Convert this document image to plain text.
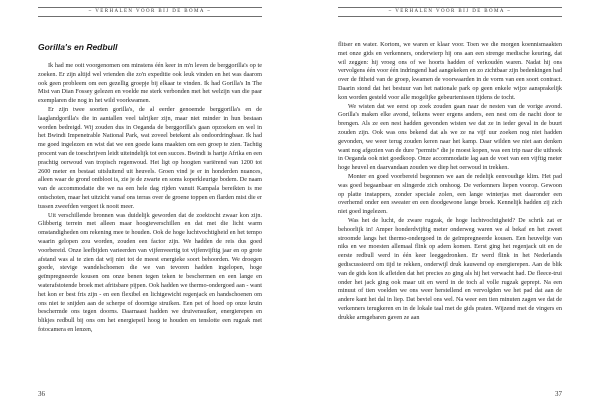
~ VERHALEN VOOR BIJ DE BOMA ~
Gorilla's en Redbull

Ik had me ooit voorgenomen om minstens één keer in m'n leven de berggorilla's op te zoeken. Er zijn altijd wel vrienden die zo'n expeditie ook leuk vinden en het was daarom ook geen probleem om een gezellig groepje bij elkaar te vinden. Ik had Gorilla's In The Mist van Dian Fossey gelezen en voelde me sterk verbonden met het welzijn van die paar exemplaren die nog in het wild voorkwamen.

Er zijn twee soorten gorilla's, de al eerder genoemde berggorilla's en de laaglandgorilla's die in aantallen veel talrijker zijn, maar niet minder in hun bestaan worden bedreigd. Wij zouden dus in Oeganda de berggorilla's gaan opzoeken en wel in het Bwindi Impenetrable National Park, wat zoveel betekent als ondoordringbaar. Ik had me goed ingelezen en wist dat we een goede kans maakten om een groep te zien. Tachtig procent van de toeschrijven leidt uiteindelijk tot een succes. Bwindi is hartje Afrika en een prachtig oerwoud van tropisch regenwoud. Het ligt op hoogten variërend van 1200 tot 2600 meter en bestaat uitsluitend uit heuvels. Groen vind je er in honderden nuances, alleen waar de grond ontbloot is, zie je de zwarte en soms koperkleurige bodem. De naam van de accommodatie die we na een hele dag rijden vanuit Kampala bereikten is me ontschoten, maar het uitzicht vanaf ons terras over de groene toppen en flarden mist die er tussen zweefden vergeet ik nooit meer.

Uit verschillende bronnen was duidelijk geworden dat de zoektocht zwaar kon zijn. Glibberig terrein met alleen maar hoogteverschillen en dat met die licht warm omstandigheden om rekening mee te houden. Ook de hoge luchtvochtigheid en het tempo waarin gelopen zou worden, zouden een factor zijn. We hadden de reis dus goed voorbereid. Onze leefbijden varieerden van vijfenveertig tot vijfenvijftig jaar en op grote afstand was al te zien dat wij niet tot de meest energieke soort behoorden. We droegen goede, stevige wandelschoenen die we van tevoren hadden ingelopen, hoge geïmpregneerde kousen om onze benen tegen teken te beschermen en een lange en waterafstotende broek met afritsbare pijpen. Ook hadden we thermo-ondergoed aan - want het kon er best fris zijn - en een flexibel en lichtgewicht regenjack en handschoenen om ons niet te snijden aan de scherpe of doornige struiken. Een pet of hoed op onze kruin beschermde ons tegen doorns. Daarnaast hadden we druivensuiker, energierepen en blikjes redbull bij ons om het energiepeil hoog te houden en tenslotte een rugzak met fotocamera en lenzen,

36
~ VERHALEN VOOR BIJ DE BOMA ~

flitser en water. Kortom, we waren er klaar voor. Toen we die morgen koennismaakten met onze gids en verkenners, onderwierp hij ons aan een strenge medische keuring, dat wil zeggen: hij vroeg ons of we hoorts hadden of verkoudén waren. Nadat hij ons vervolgens één voor één indringend had aangekeken en zo zichtbaar zijn bedenkingen had over de fitheid van de groep, kwamen de voorwaarden in de vorm van een soort contract. Daarin stond dat het bestuur van het nationale park op geen enkele wijze aansprakelijk kon worden gesteld voor alle mogelijke gebeurtenissen tijdens de tocht.

We wisten dat we eerst op zoek zouden gaan naar de nesten van de vorige avond. Gorilla's maken elke avond, telkens weer ergens anders, een nest om de nacht door te brengen. Als ze een nest hadden gevonden wisten we dat ze in ieder geval in de buurt zouden zijn. Ook was ons bekend dat als we ze na vijf uur zoeken nog niet hadden gevonden, we weer terug zouden keren naar het kamp. Daar wilden we niet aan denken want nog afgezien van de dure "permits" die je moest kopen, was een trip naar die uithoek in Oeganda ook niet goedkoop. Onze accommodatie lag aan de voet van een vijftig meter hoge heuvel en daarvandaan zouden we diep het oerwoud in trekken.

Monter en goed voorbereid begonnen we aan de redelijk eenvoudige klim. Het pad was goed begaanbaar en slingerde zich omhoog. De verkenners liepen voorop. Gewoon op platte instappers, zonder speciale zolen, een lange winterjas met daaronder een overhemd onder een sweater en een doodgewone lange broek. Kennelijk hadden zij zich niet goed ingelezen.

Was het de lucht, de zware rugzak, de hoge luchtvochtigheid? De schrik zat er behoorlijk in! Amper honderdvijftig meter onderweg waren we al bekaf en het zweet stroomde langs het thermo-ondergoed in de geïmpregneerde kousen. Een heuveltje van niks en we moesten allemaal flink op adem komen. Eerst ging het regenjack uit en de eerste redbull werd in één keer leeggedronken. Er werd flink in het Nederlands gediscussieerd om tijd te rekken, onderwijl druk kauwend op energierepen. Aan de blik van de gids kon ik afleiden dat het precies zo ging als hij het verwacht had. De fleece-trui onder het jack ging ook maar uit en werd in de toch al volle rugzak geprept. Na een minuut of tien voelden we ons weer herstellend en vervolgden we het pad dat aan de andere kant het dal in liep. Dat beviel ons wel. Na weer een tien minuten zagen we dat de verkenners terugkeren en in de lokale taal met de gids praten. Wijzend met de vingers en drukke armgebaren gaven ze aan

37
